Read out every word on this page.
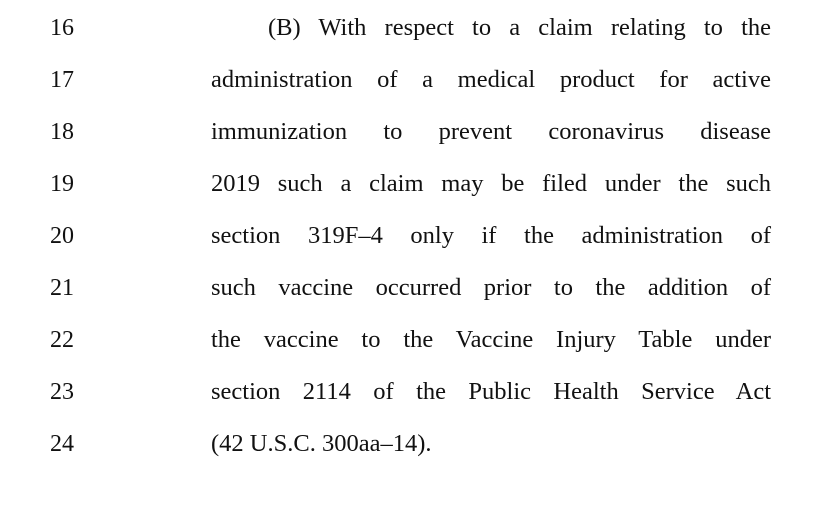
16	(B) With respect to a claim relating to the
17	administration of a medical product for active
18	immunization to prevent coronavirus disease
19	2019 such a claim may be filed under the such
20	section 319F–4 only if the administration of
21	such vaccine occurred prior to the addition of
22	the vaccine to the Vaccine Injury Table under
23	section 2114 of the Public Health Service Act
24	(42 U.S.C. 300aa–14).
